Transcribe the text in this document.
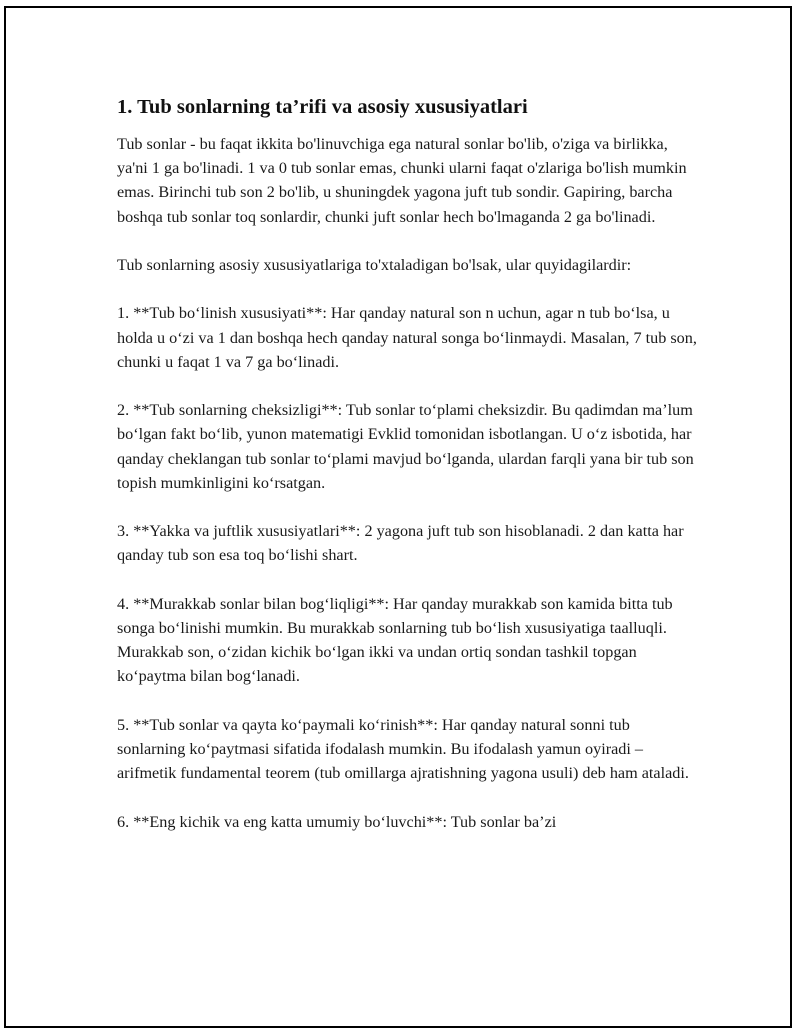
1. Tub sonlarning ta’rifi va asosiy xususiyatlari

Tub sonlar - bu faqat ikkita bo'linuvchiga ega natural sonlar bo'lib, o'ziga va birlikka, ya'ni 1 ga bo'linadi. 1 va 0 tub sonlar emas, chunki ularni faqat o'zlariga bo'lish mumkin emas. Birinchi tub son 2 bo'lib, u shuningdek yagona juft tub sondir. Gapiring, barcha boshqa tub sonlar toq sonlardir, chunki juft sonlar hech bo'lmaganda 2 ga bo'linadi.

Tub sonlarning asosiy xususiyatlariga to'xtaladigan bo'lsak, ular quyidagilardir:

1. **Tub bo‘linish xususiyati**: Har qanday natural son n uchun, agar n tub bo‘lsa, u holda u o‘zi va 1 dan boshqa hech qanday natural songa bo‘linmaydi. Masalan, 7 tub son, chunki u faqat 1 va 7 ga bo‘linadi.

2. **Tub sonlarning cheksizligi**: Tub sonlar to‘plami cheksizdir. Bu qadimdan ma’lum bo‘lgan fakt bo‘lib, yunon matematigi Evklid tomonidan isbotlangan. U o‘z isbotida, har qanday cheklangan tub sonlar to‘plami mavjud bo‘lganda, ulardan farqli yana bir tub son topish mumkinligini ko‘rsatgan.

3. **Yakka va juftlik xususiyatlari**: 2 yagona juft tub son hisoblanadi. 2 dan katta har qanday tub son esa toq bo‘lishi shart.

4. **Murakkab sonlar bilan bog‘liqligi**: Har qanday murakkab son kamida bitta tub songa bo‘linishi mumkin. Bu murakkab sonlarning tub bo‘lish xususiyatiga taalluqli. Murakkab son, o‘zidan kichik bo‘lgan ikki va undan ortiq sondan tashkil topgan ko‘paytma bilan bog‘lanadi.

5. **Tub sonlar va qayta ko‘paymali ko‘rinish**: Har qanday natural sonni tub sonlarning ko‘paytmasi sifatida ifodalash mumkin. Bu ifodalash yamun oyiradi – arifmetik fundamental teorem (tub omillarga ajratishning yagona usuli) deb ham ataladi.

6. **Eng kichik va eng katta umumiy bo‘luvchi**: Tub sonlar ba’zi
